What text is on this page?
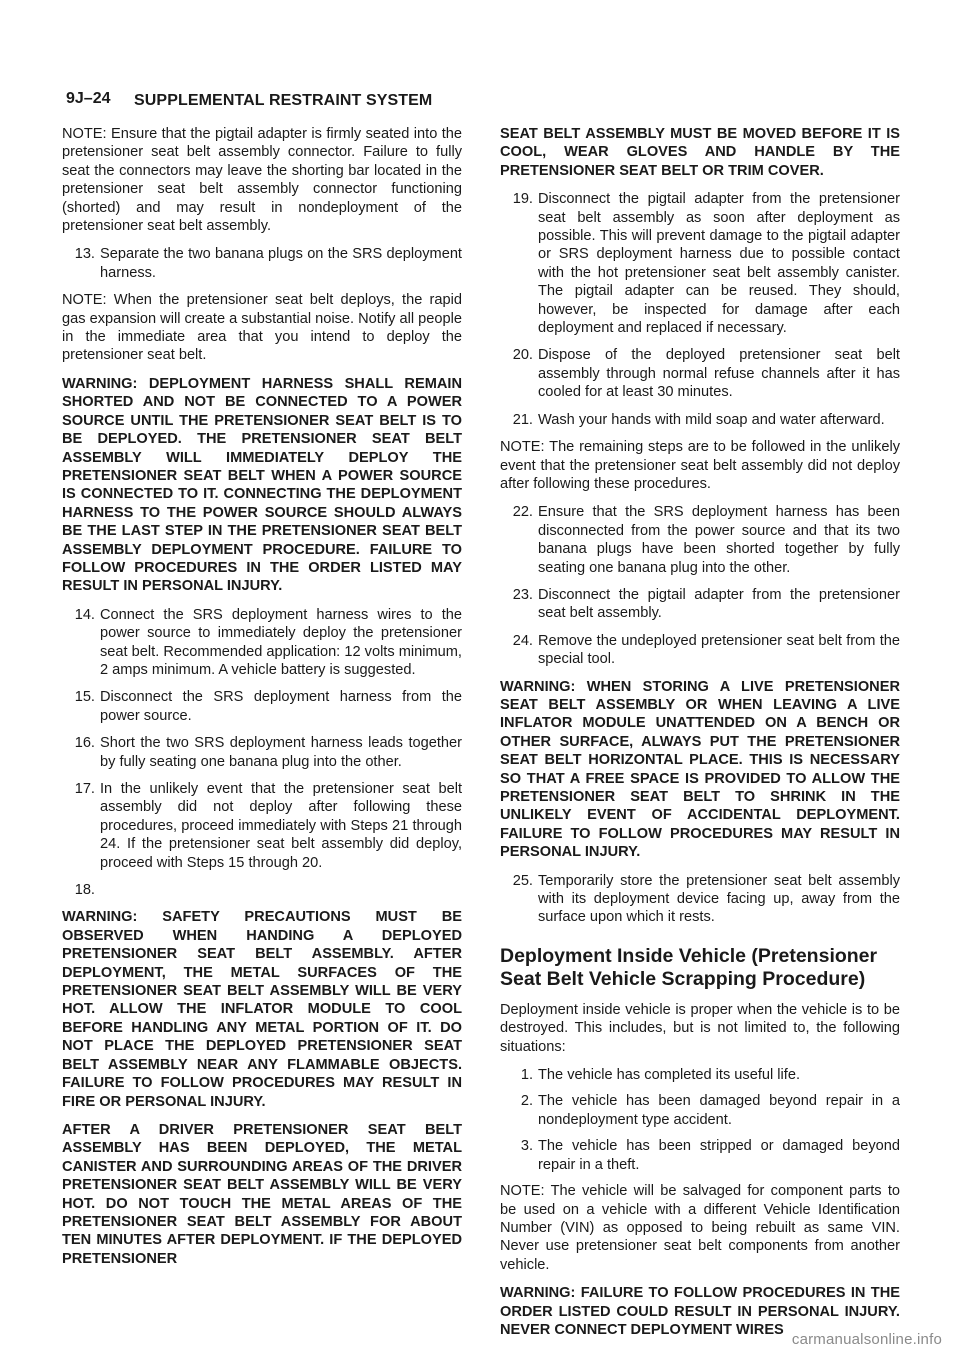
9J–24 SUPPLEMENTAL RESTRAINT SYSTEM

NOTE: Ensure that the pigtail adapter is firmly seated into the pretensioner seat belt assembly connector. Failure to fully seat the connectors may leave the shorting bar located in the pretensioner seat belt assembly connector functioning (shorted) and may result in nondeployment of the pretensioner seat belt assembly.

13. Separate the two banana plugs on the SRS deployment harness.

NOTE: When the pretensioner seat belt deploys, the rapid gas expansion will create a substantial noise. Notify all people in the immediate area that you intend to deploy the pretensioner seat belt.

WARNING: DEPLOYMENT HARNESS SHALL REMAIN SHORTED AND NOT BE CONNECTED TO A POWER SOURCE UNTIL THE PRETENSIONER SEAT BELT IS TO BE DEPLOYED. THE PRETENSIONER SEAT BELT ASSEMBLY WILL IMMEDIATELY DEPLOY THE PRETENSIONER SEAT BELT WHEN A POWER SOURCE IS CONNECTED TO IT. CONNECTING THE DEPLOYMENT HARNESS TO THE POWER SOURCE SHOULD ALWAYS BE THE LAST STEP IN THE PRETENSIONER SEAT BELT ASSEMBLY DEPLOYMENT PROCEDURE. FAILURE TO FOLLOW PROCEDURES IN THE ORDER LISTED MAY RESULT IN PERSONAL INJURY.

14. Connect the SRS deployment harness wires to the power source to immediately deploy the pretensioner seat belt. Recommended application: 12 volts minimum, 2 amps minimum. A vehicle battery is suggested.
15. Disconnect the SRS deployment harness from the power source.
16. Short the two SRS deployment harness leads together by fully seating one banana plug into the other.
17. In the unlikely event that the pretensioner seat belt assembly did not deploy after following these procedures, proceed immediately with Steps 21 through 24. If the pretensioner seat belt assembly did deploy, proceed with Steps 15 through 20.
18.

WARNING: SAFETY PRECAUTIONS MUST BE OBSERVED WHEN HANDING A DEPLOYED PRETENSIONER SEAT BELT ASSEMBLY. AFTER DEPLOYMENT, THE METAL SURFACES OF THE PRETENSIONER SEAT BELT ASSEMBLY WILL BE VERY HOT. ALLOW THE INFLATOR MODULE TO COOL BEFORE HANDLING ANY METAL PORTION OF IT. DO NOT PLACE THE DEPLOYED PRETENSIONER SEAT BELT ASSEMBLY NEAR ANY FLAMMABLE OBJECTS. FAILURE TO FOLLOW PROCEDURES MAY RESULT IN FIRE OR PERSONAL INJURY.

AFTER A DRIVER PRETENSIONER SEAT BELT ASSEMBLY HAS BEEN DEPLOYED, THE METAL CANISTER AND SURROUNDING AREAS OF THE DRIVER PRETENSIONER SEAT BELT ASSEMBLY WILL BE VERY HOT. DO NOT TOUCH THE METAL AREAS OF THE PRETENSIONER SEAT BELT ASSEMBLY FOR ABOUT TEN MINUTES AFTER DEPLOYMENT. IF THE DEPLOYED PRETENSIONER

SEAT BELT ASSEMBLY MUST BE MOVED BEFORE IT IS COOL, WEAR GLOVES AND HANDLE BY THE PRETENSIONER SEAT BELT OR TRIM COVER.

19. Disconnect the pigtail adapter from the pretensioner seat belt assembly as soon after deployment as possible. This will prevent damage to the pigtail adapter or SRS deployment harness due to possible contact with the hot pretensioner seat belt assembly canister. The pigtail adapter can be reused. They should, however, be inspected for damage after each deployment and replaced if necessary.
20. Dispose of the deployed pretensioner seat belt assembly through normal refuse channels after it has cooled for at least 30 minutes.
21. Wash your hands with mild soap and water afterward.

NOTE: The remaining steps are to be followed in the unlikely event that the pretensioner seat belt assembly did not deploy after following these procedures.

22. Ensure that the SRS deployment harness has been disconnected from the power source and that its two banana plugs have been shorted together by fully seating one banana plug into the other.
23. Disconnect the pigtail adapter from the pretensioner seat belt assembly.
24. Remove the undeployed pretensioner seat belt from the special tool.

WARNING: WHEN STORING A LIVE PRETENSIONER SEAT BELT ASSEMBLY OR WHEN LEAVING A LIVE INFLATOR MODULE UNATTENDED ON A BENCH OR OTHER SURFACE, ALWAYS PUT THE PRETENSIONER SEAT BELT HORIZONTAL PLACE. THIS IS NECESSARY SO THAT A FREE SPACE IS PROVIDED TO ALLOW THE PRETENSIONER SEAT BELT TO SHRINK IN THE UNLIKELY EVENT OF ACCIDENTAL DEPLOYMENT. FAILURE TO FOLLOW PROCEDURES MAY RESULT IN PERSONAL INJURY.

25. Temporarily store the pretensioner seat belt assembly with its deployment device facing up, away from the surface upon which it rests.
Deployment Inside Vehicle (Pretensioner Seat Belt Vehicle Scrapping Procedure)

Deployment inside vehicle is proper when the vehicle is to be destroyed. This includes, but is not limited to, the following situations:

1. The vehicle has completed its useful life.
2. The vehicle has been damaged beyond repair in a nondeployment type accident.
3. The vehicle has been stripped or damaged beyond repair in a theft.

NOTE: The vehicle will be salvaged for component parts to be used on a vehicle with a different Vehicle Identification Number (VIN) as opposed to being rebuilt as same VIN. Never use pretensioner seat belt components from another vehicle.

WARNING: FAILURE TO FOLLOW PROCEDURES IN THE ORDER LISTED COULD RESULT IN PERSONAL INJURY. NEVER CONNECT DEPLOYMENT WIRES

carmanualsonline.info
